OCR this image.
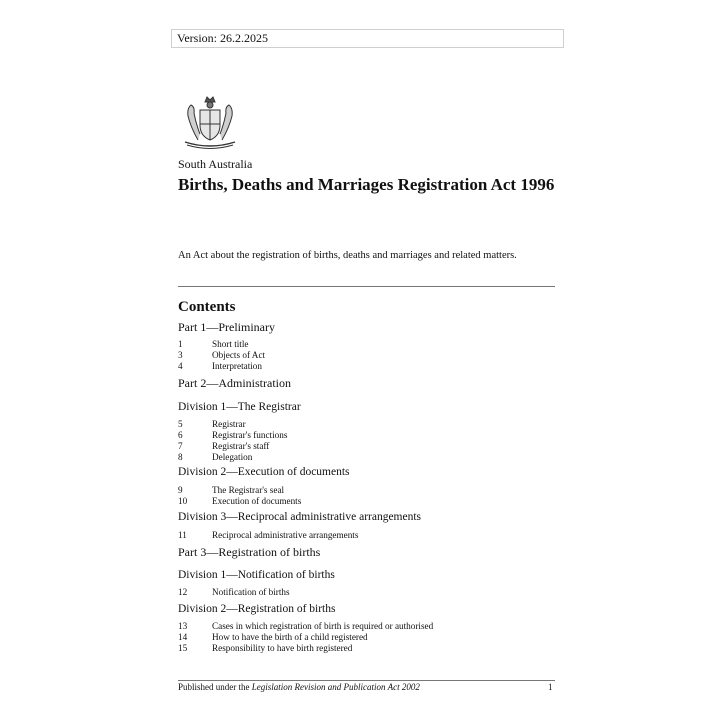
Version: 26.2.2025
South Australia
Births, Deaths and Marriages Registration Act 1996
An Act about the registration of births, deaths and marriages and related matters.
Contents
Part 1—Preliminary
1	Short title
3	Objects of Act
4	Interpretation
Part 2—Administration
Division 1—The Registrar
5	Registrar
6	Registrar's functions
7	Registrar's staff
8	Delegation
Division 2—Execution of documents
9	The Registrar's seal
10	Execution of documents
Division 3—Reciprocal administrative arrangements
11	Reciprocal administrative arrangements
Part 3—Registration of births
Division 1—Notification of births
12	Notification of births
Division 2—Registration of births
13	Cases in which registration of birth is required or authorised
14	How to have the birth of a child registered
15	Responsibility to have birth registered
Published under the Legislation Revision and Publication Act 2002	1
